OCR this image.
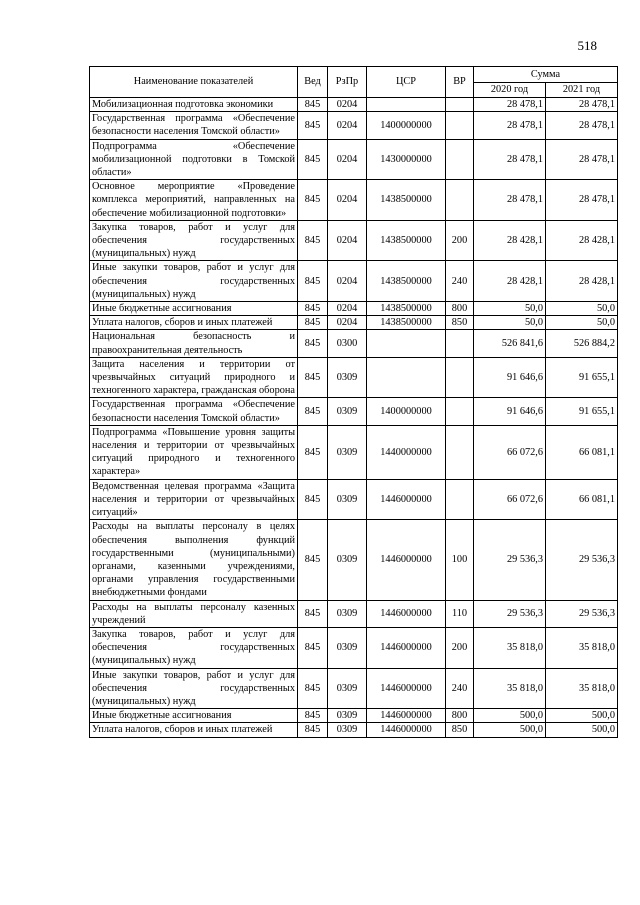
518
Наименование показателей	Вед	РзПр	ЦСР	ВР	Сумма	
					2020 год	2021 год
Мобилизационная подготовка экономики	845	0204			28 478,1	28 478,1
Государственная программа «Обеспечение безопасности населения Томской области»	845	0204	1400000000		28 478,1	28 478,1
Подпрограмма «Обеспечение мобилизационной подготовки в Томской области»	845	0204	1430000000		28 478,1	28 478,1
Основное мероприятие «Проведение комплекса мероприятий, направленных на обеспечение мобилизационной подготовки»	845	0204	1438500000		28 478,1	28 478,1
Закупка товаров, работ и услуг для обеспечения государственных (муниципальных) нужд	845	0204	1438500000	200	28 428,1	28 428,1
Иные закупки товаров, работ и услуг для обеспечения государственных (муниципальных) нужд	845	0204	1438500000	240	28 428,1	28 428,1
Иные бюджетные ассигнования	845	0204	1438500000	800	50,0	50,0
Уплата налогов, сборов и иных платежей	845	0204	1438500000	850	50,0	50,0
Национальная безопасность и правоохранительная деятельность	845	0300			526 841,6	526 884,2
Защита населения и территории от чрезвычайных ситуаций природного и техногенного характера, гражданская оборона	845	0309			91 646,6	91 655,1
Государственная программа «Обеспечение безопасности населения Томской области»	845	0309	1400000000		91 646,6	91 655,1
Подпрограмма «Повышение уровня защиты населения и территории от чрезвычайных ситуаций природного и техногенного характера»	845	0309	1440000000		66 072,6	66 081,1
Ведомственная целевая программа «Защита населения и территории от чрезвычайных ситуаций»	845	0309	1446000000		66 072,6	66 081,1
Расходы на выплаты персоналу в целях обеспечения выполнения функций государственными (муниципальными) органами, казенными учреждениями, органами управления государственными внебюджетными фондами	845	0309	1446000000	100	29 536,3	29 536,3
Расходы на выплаты персоналу казенных учреждений	845	0309	1446000000	110	29 536,3	29 536,3
Закупка товаров, работ и услуг для обеспечения государственных (муниципальных) нужд	845	0309	1446000000	200	35 818,0	35 818,0
Иные закупки товаров, работ и услуг для обеспечения государственных (муниципальных) нужд	845	0309	1446000000	240	35 818,0	35 818,0
Иные бюджетные ассигнования	845	0309	1446000000	800	500,0	500,0
Уплата налогов, сборов и иных платежей	845	0309	1446000000	850	500,0	500,0
